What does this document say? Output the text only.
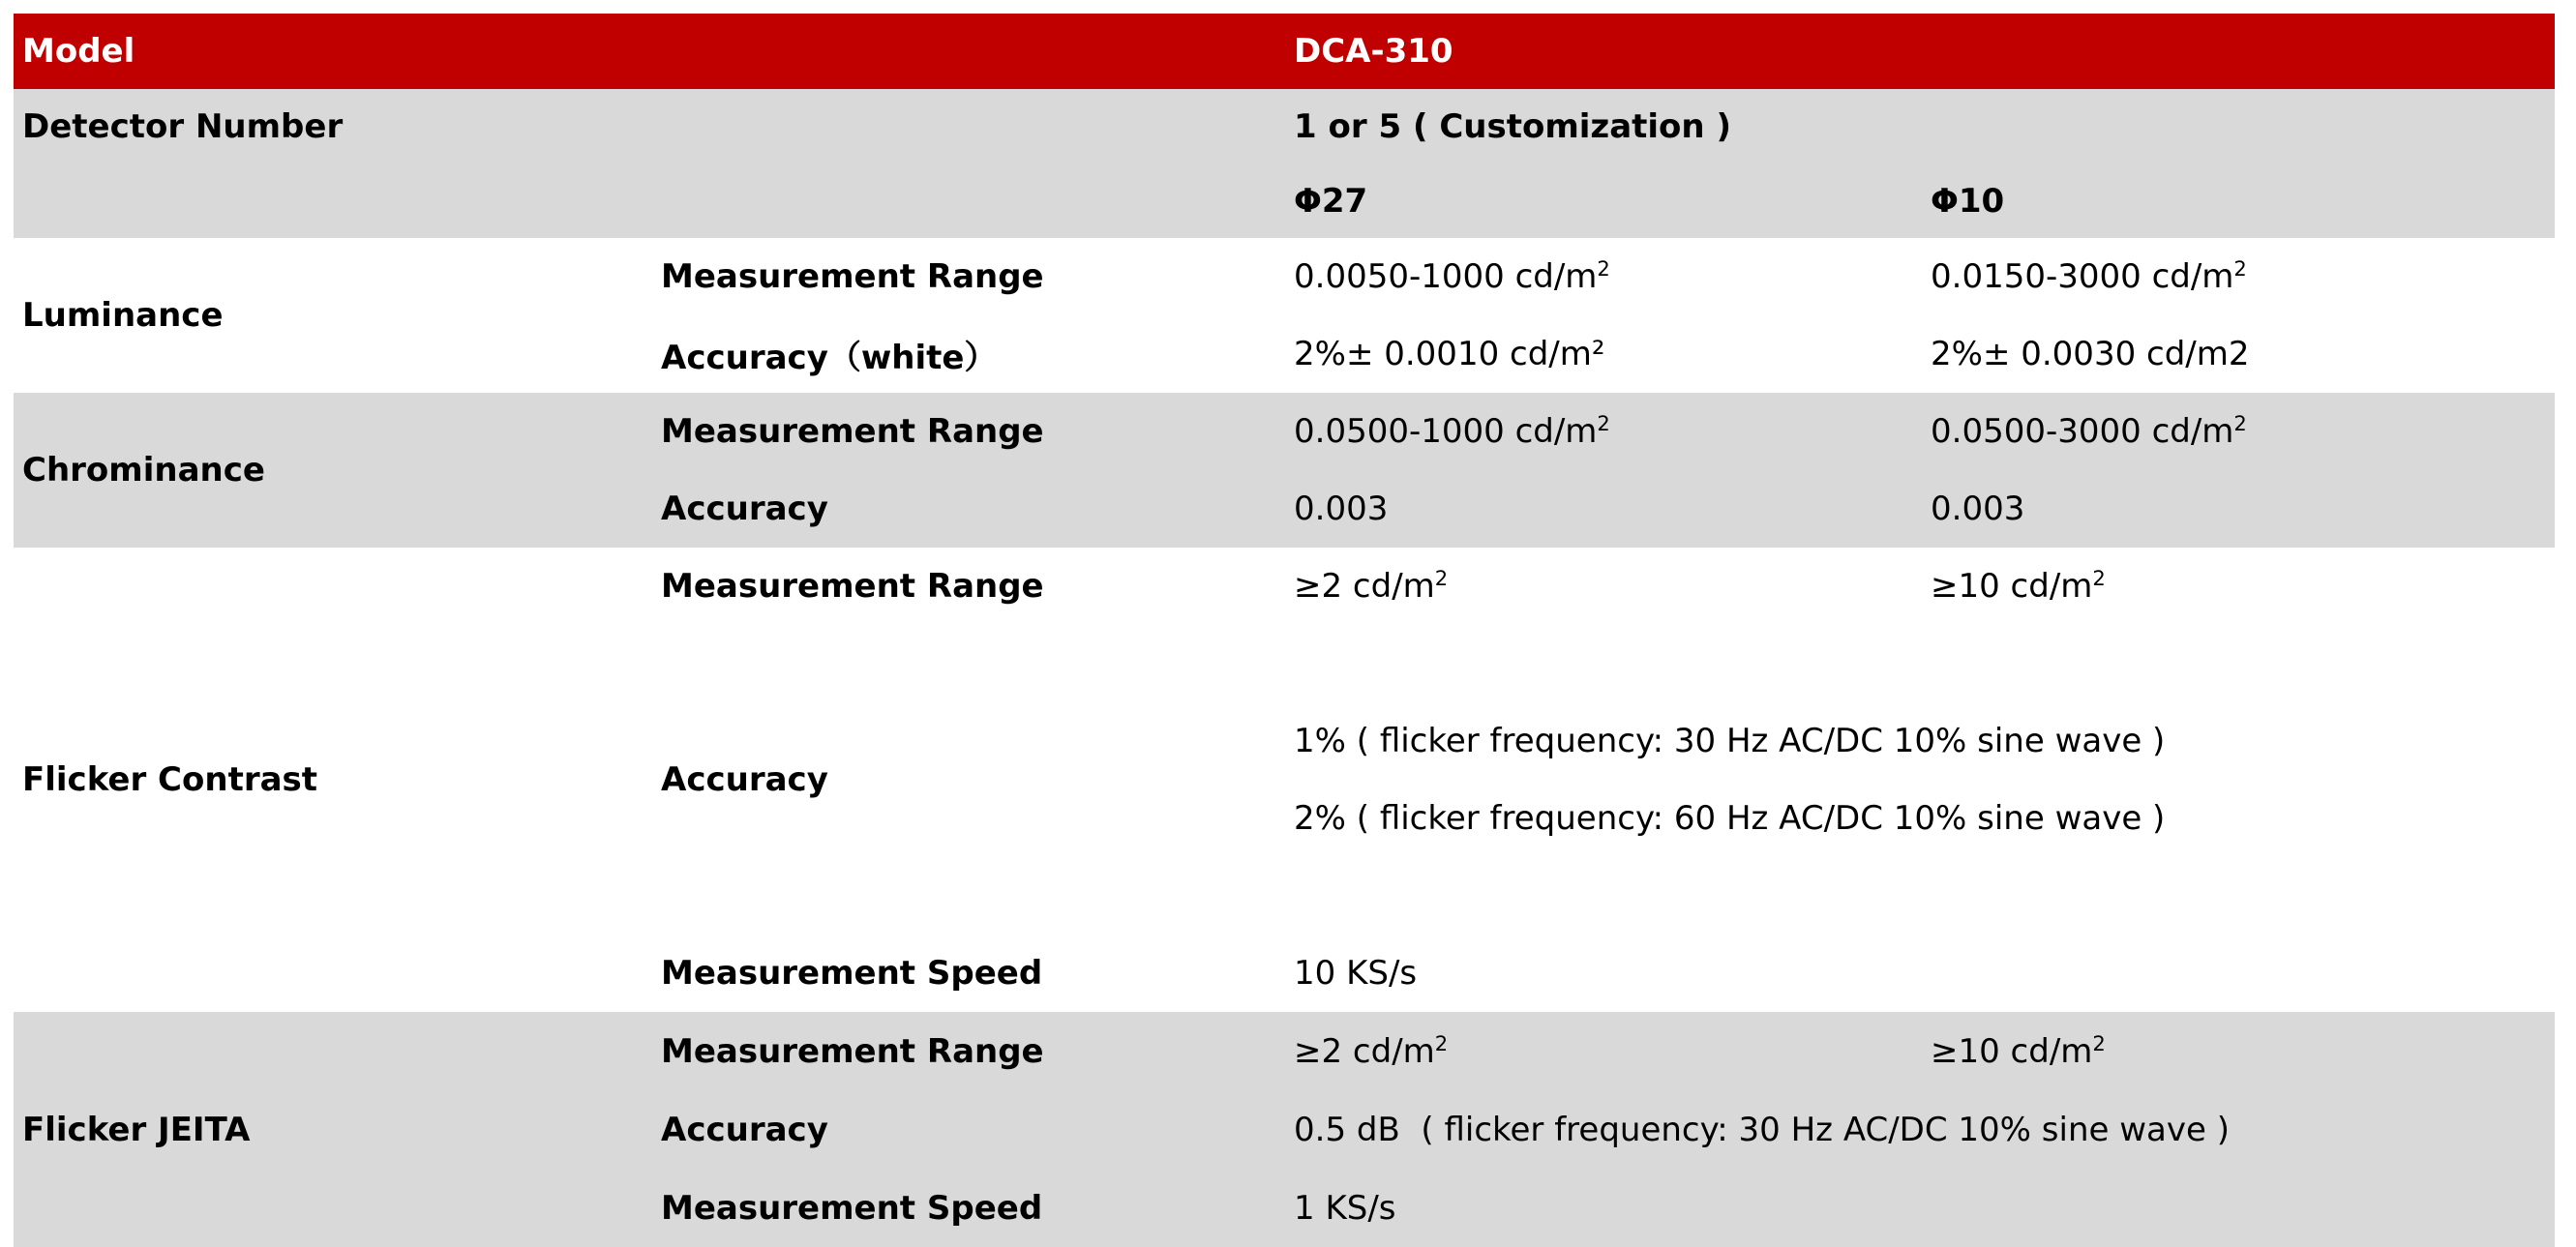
Model		DCA-310	
Detector Number		1 or 5 ( Customization )	
		Φ27	Φ10
Luminance	Measurement Range	0.0050-1000 $cd/m^2$	0.0150-3000 $cd/m^2$
	Accuracy（white）	2%± 0.0010 cd/m²	2%± 0.0030 cd/m2
Chrominance	Measurement Range	0.0500-1000 $cd/m^2$	0.0500-3000 $cd/m^2$
	Accuracy	0.003	0.003
Flicker Contrast	Measurement Range	≥2 $cd/m^2$	≥10 $cd/m^2$
	Accuracy	1% ( flicker frequency: 30 Hz AC/DC 10% sine wave )
2% ( flicker frequency: 60 Hz AC/DC 10% sine wave )	

	Measurement Speed	10 KS/s	
Flicker JEITA	Measurement Range	≥2 $cd/m^2$	≥10 $cd/m^2$
	Accuracy	0.5 dB  ( flicker frequency: 30 Hz AC/DC 10% sine wave )	
	Measurement Speed	1 KS/s	
